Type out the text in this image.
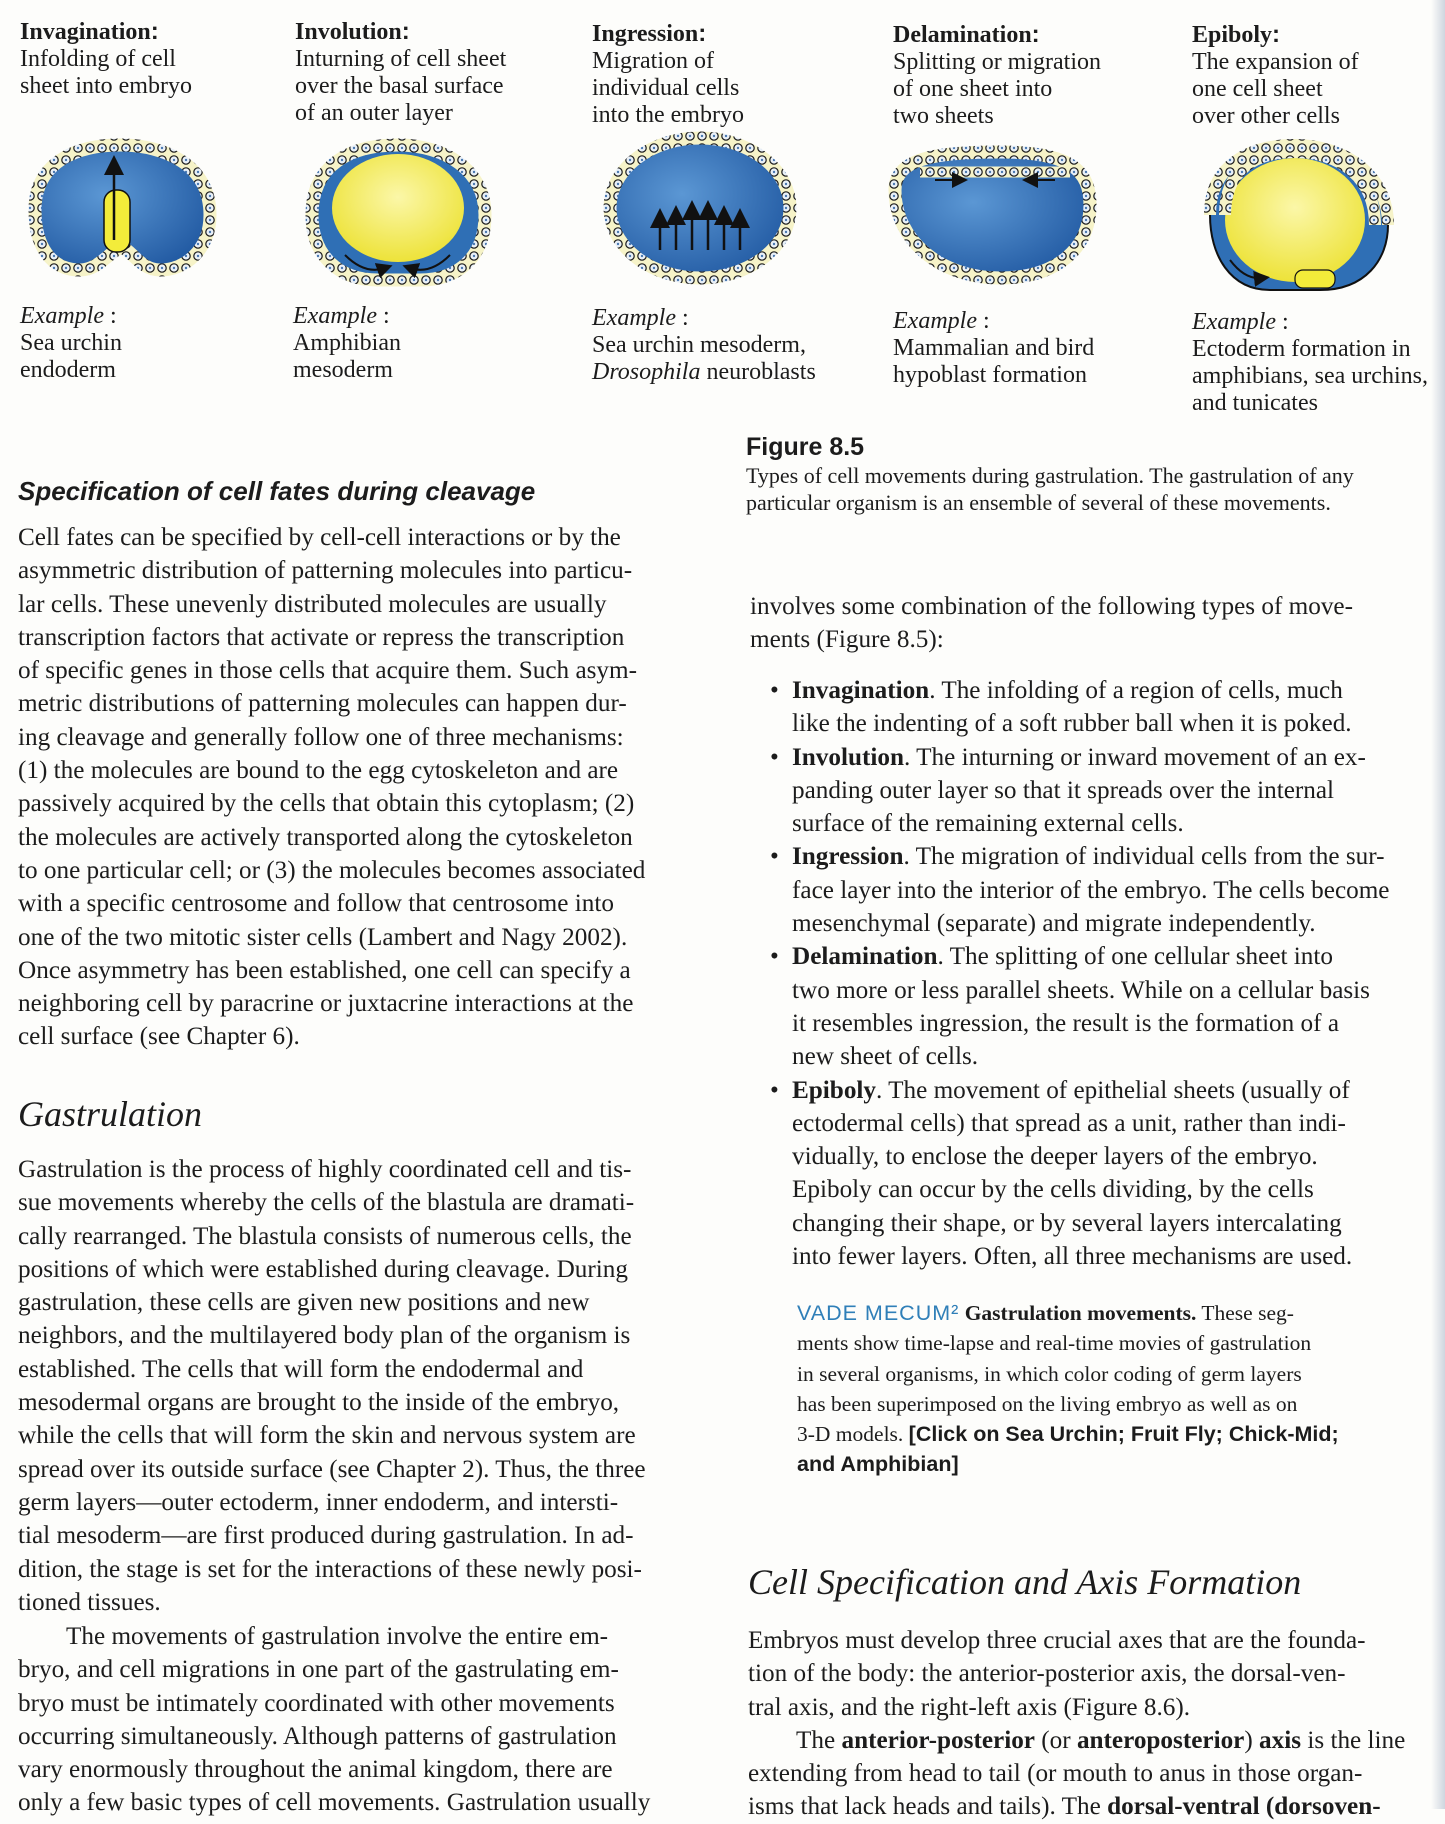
Invagination:
Infolding of cell
sheet into embryo
Involution:
Inturning of cell sheet
over the basal surface
of an outer layer
Ingression:
Migration of
individual cells
into the embryo
Delamination:
Splitting or migration
of one sheet into
two sheets
Epiboly:
The expansion of
one cell sheet
over other cells
Example :
Sea urchin
endoderm
Example :
Amphibian
mesoderm
Example :
Sea urchin mesoderm,
Drosophila neuroblasts
Example :
Mammalian and bird
hypoblast formation
Example :
Ectoderm formation in
amphibians, sea urchins,
and tunicates
Figure 8.5
Types of cell movements during gastrulation. The gastrulation of any
particular organism is an ensemble of several of these movements.
Specification of cell fates during cleavage
Cell fates can be specified by cell-cell interactions or by the
asymmetric distribution of patterning molecules into particu-
lar cells. These unevenly distributed molecules are usually
transcription factors that activate or repress the transcription
of specific genes in those cells that acquire them. Such asym-
metric distributions of patterning molecules can happen dur-
ing cleavage and generally follow one of three mechanisms:
(1) the molecules are bound to the egg cytoskeleton and are
passively acquired by the cells that obtain this cytoplasm; (2)
the molecules are actively transported along the cytoskeleton
to one particular cell; or (3) the molecules becomes associated
with a specific centrosome and follow that centrosome into
one of the two mitotic sister cells (Lambert and Nagy 2002).
Once asymmetry has been established, one cell can specify a
neighboring cell by paracrine or juxtacrine interactions at the
cell surface (see Chapter 6).
Gastrulation
Gastrulation is the process of highly coordinated cell and tis-
sue movements whereby the cells of the blastula are dramati-
cally rearranged. The blastula consists of numerous cells, the
positions of which were established during cleavage. During
gastrulation, these cells are given new positions and new
neighbors, and the multilayered body plan of the organism is
established. The cells that will form the endodermal and
mesodermal organs are brought to the inside of the embryo,
while the cells that will form the skin and nervous system are
spread over its outside surface (see Chapter 2). Thus, the three
germ layers—outer ectoderm, inner endoderm, and intersti-
tial mesoderm—are first produced during gastrulation. In ad-
dition, the stage is set for the interactions of these newly posi-
tioned tissues.
The movements of gastrulation involve the entire em-
bryo, and cell migrations in one part of the gastrulating em-
bryo must be intimately coordinated with other movements
occurring simultaneously. Although patterns of gastrulation
vary enormously throughout the animal kingdom, there are
only a few basic types of cell movements. Gastrulation usually
involves some combination of the following types of move-
ments (Figure 8.5):
• Invagination. The infolding of a region of cells, much
like the indenting of a soft rubber ball when it is poked.
• Involution. The inturning or inward movement of an ex-
panding outer layer so that it spreads over the internal
surface of the remaining external cells.
• Ingression. The migration of individual cells from the sur-
face layer into the interior of the embryo. The cells become
mesenchymal (separate) and migrate independently.
• Delamination. The splitting of one cellular sheet into
two more or less parallel sheets. While on a cellular basis
it resembles ingression, the result is the formation of a
new sheet of cells.
• Epiboly. The movement of epithelial sheets (usually of
ectodermal cells) that spread as a unit, rather than indi-
vidually, to enclose the deeper layers of the embryo.
Epiboly can occur by the cells dividing, by the cells
changing their shape, or by several layers intercalating
into fewer layers. Often, all three mechanisms are used.
VADE MECUM² Gastrulation movements. These seg-
ments show time-lapse and real-time movies of gastrulation
in several organisms, in which color coding of germ layers
has been superimposed on the living embryo as well as on
3-D models. [Click on Sea Urchin; Fruit Fly; Chick-Mid;
and Amphibian]
Cell Specification and Axis Formation
Embryos must develop three crucial axes that are the founda-
tion of the body: the anterior-posterior axis, the dorsal-ven-
tral axis, and the right-left axis (Figure 8.6).
The anterior-posterior (or anteroposterior) axis is the line
extending from head to tail (or mouth to anus in those organ-
isms that lack heads and tails). The dorsal-ventral (dorsoven-
